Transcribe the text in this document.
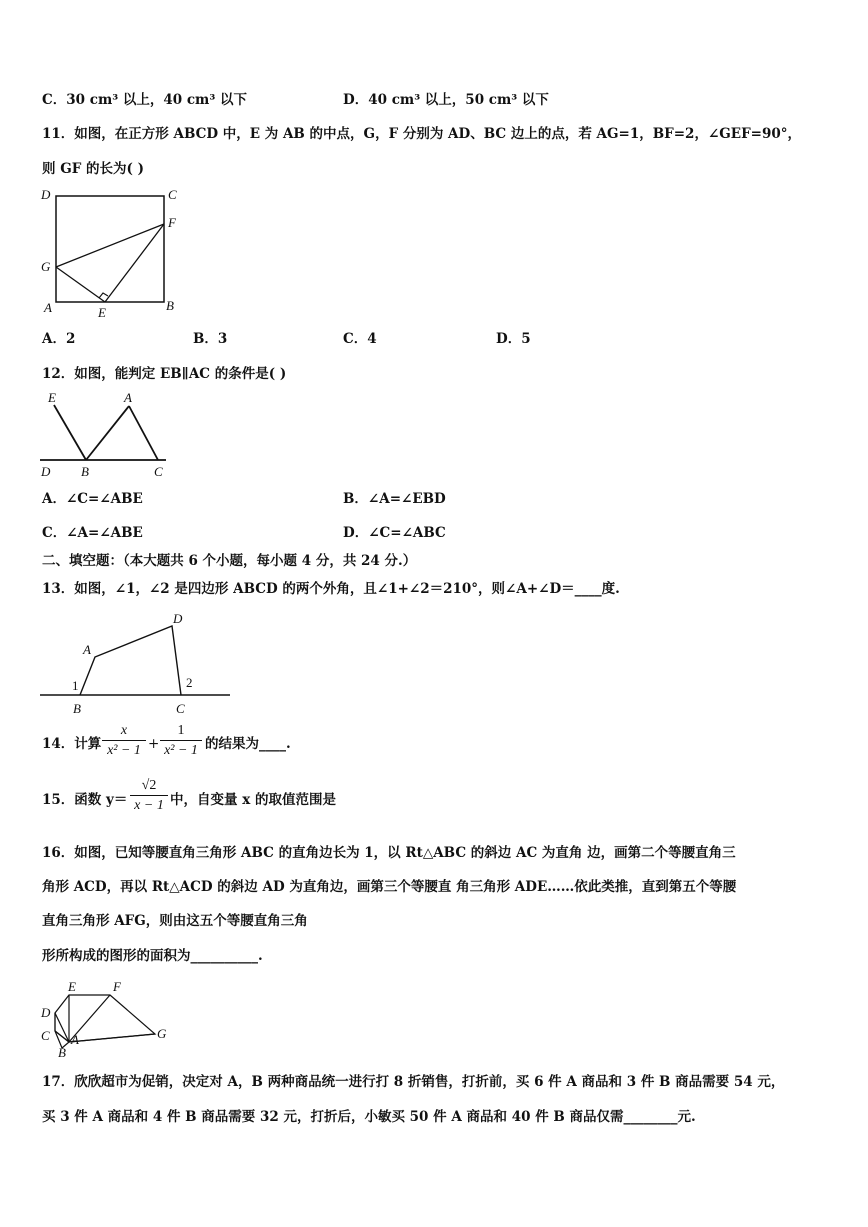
C．30 cm³ 以上，40 cm³ 以下	D．40 cm³ 以上，50 cm³ 以下
11．如图，在正方形 ABCD 中，E 为 AB 的中点，G，F 分别为 AD、BC 边上的点，若 AG=1，BF=2，∠GEF=90°，
则 GF 的长为( )
D	C
F
G
A	E	B
A．2	B．3	C．4	D．5
12．如图，能判定 EB∥AC 的条件是( )
E	A
D B	C
A．∠C=∠ABE	B．∠A=∠EBD
C．∠A=∠ABE	D．∠C=∠ABC
二、填空题：（本大题共 6 个小题，每小题 4 分，共 24 分.）
13．如图，∠1，∠2 是四边形 ABCD 的两个外角，且∠1+∠2＝210°，则∠A+∠D＝____度.
A
D
1	2
B	C
14．计算 $\frac{x}{\text{x² − 1}} + \frac{1}{\text{x² − 1}}$ 的结果为____.
15．函数 $y= \frac{√2}{x - 1}$ 中，自变量 x 的取值范围是
16．如图，已知等腰直角三角形 ABC 的直角边长为 1，以 Rt△ABC 的斜边 AC 为直角 边，画第二个等腰直角三
角形 ACD，再以 Rt△ACD 的斜边 AD 为直角边，画第三个等腰直 角三角形 ADE……依此类推，直到第五个等腰
直角三角形 AFG，则由这五个等腰直角三角
形所构成的图形的面积为__________.
E	F
D
C A
B
G
17．欣欣超市为促销，决定对 A，B 两种商品统一进行打 8 折销售，打折前，买 6 件 A 商品和 3 件 B 商品需要 54 元，
买 3 件 A 商品和 4 件 B 商品需要 32 元，打折后，小敏买 50 件 A 商品和 40 件 B 商品仅需________元.
